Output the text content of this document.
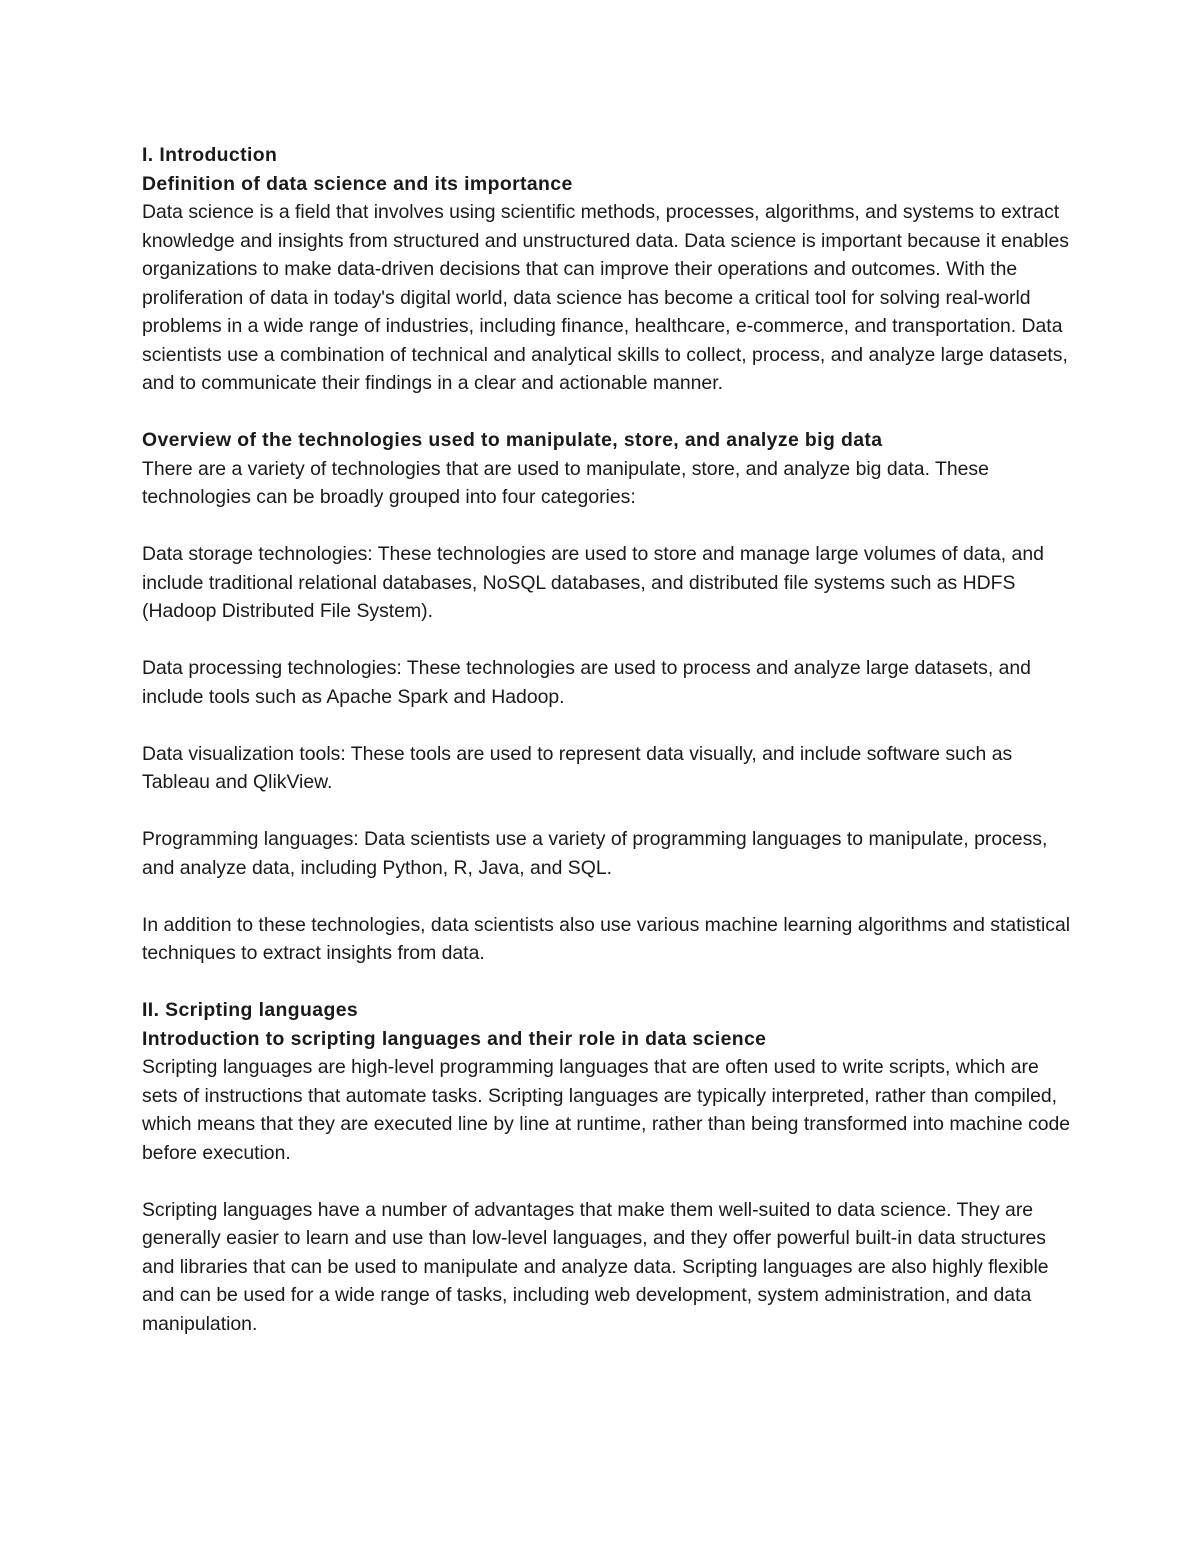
I. Introduction

Definition of data science and its importance

Data science is a field that involves using scientific methods, processes, algorithms, and systems to extract knowledge and insights from structured and unstructured data. Data science is important because it enables organizations to make data-driven decisions that can improve their operations and outcomes. With the proliferation of data in today's digital world, data science has become a critical tool for solving real-world problems in a wide range of industries, including finance, healthcare, e-commerce, and transportation. Data scientists use a combination of technical and analytical skills to collect, process, and analyze large datasets, and to communicate their findings in a clear and actionable manner.

Overview of the technologies used to manipulate, store, and analyze big data

There are a variety of technologies that are used to manipulate, store, and analyze big data. These technologies can be broadly grouped into four categories:

Data storage technologies: These technologies are used to store and manage large volumes of data, and include traditional relational databases, NoSQL databases, and distributed file systems such as HDFS (Hadoop Distributed File System).

Data processing technologies: These technologies are used to process and analyze large datasets, and include tools such as Apache Spark and Hadoop.

Data visualization tools: These tools are used to represent data visually, and include software such as Tableau and QlikView.

Programming languages: Data scientists use a variety of programming languages to manipulate, process, and analyze data, including Python, R, Java, and SQL.

In addition to these technologies, data scientists also use various machine learning algorithms and statistical techniques to extract insights from data.

II. Scripting languages

Introduction to scripting languages and their role in data science

Scripting languages are high-level programming languages that are often used to write scripts, which are sets of instructions that automate tasks. Scripting languages are typically interpreted, rather than compiled, which means that they are executed line by line at runtime, rather than being transformed into machine code before execution.

Scripting languages have a number of advantages that make them well-suited to data science. They are generally easier to learn and use than low-level languages, and they offer powerful built-in data structures and libraries that can be used to manipulate and analyze data. Scripting languages are also highly flexible and can be used for a wide range of tasks, including web development, system administration, and data manipulation.
